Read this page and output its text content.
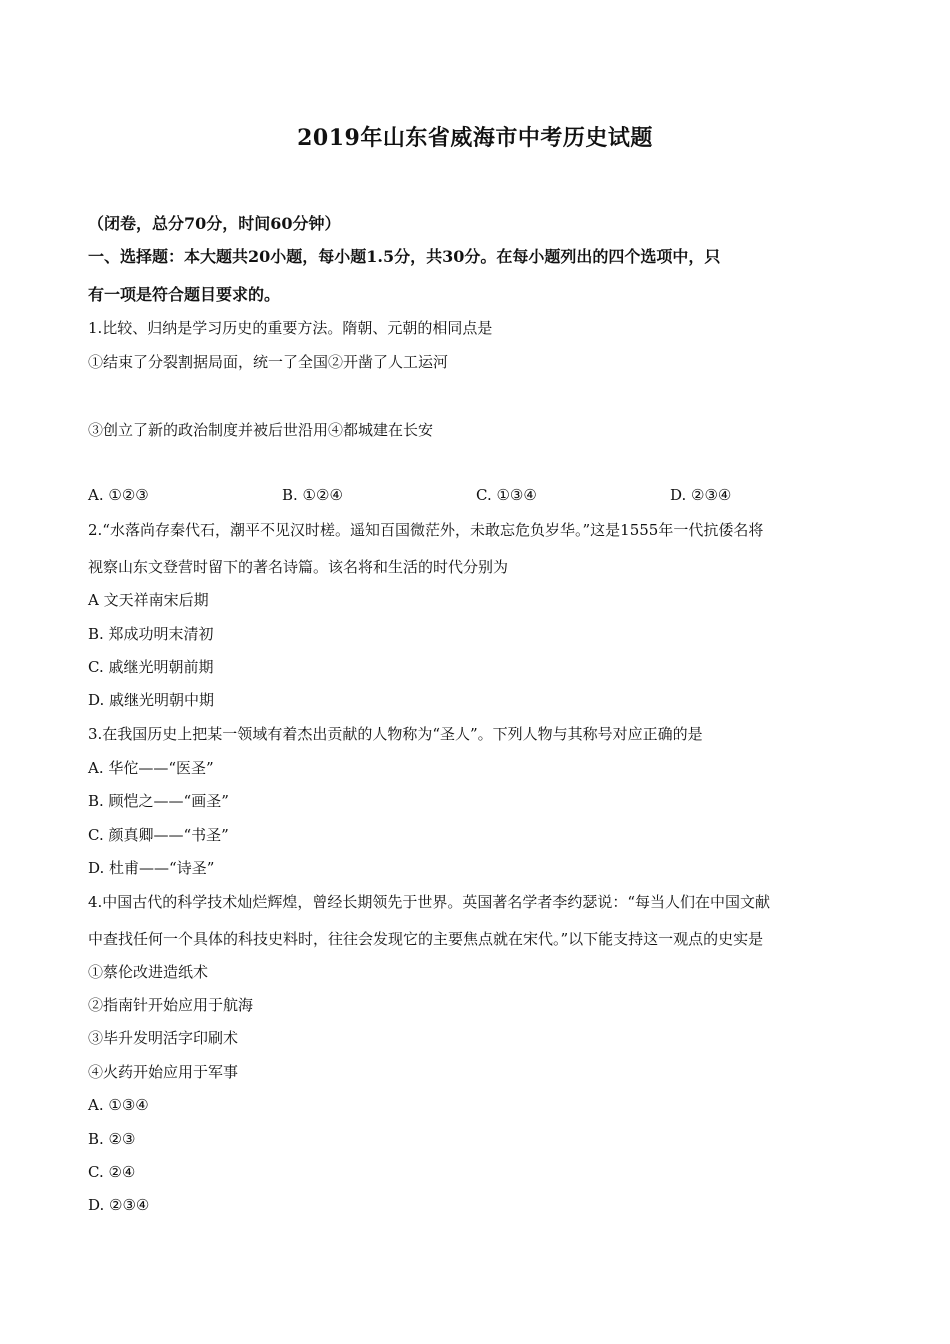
2019年山东省威海市中考历史试题
（闭卷，总分70分，时间60分钟）
一、选择题：本大题共20小题，每小题1.5分，共30分。在每小题列出的四个选项中，只
有一项是符合题目要求的。
1.比较、归纳是学习历史的重要方法。隋朝、元朝的相同点是
①结束了分裂割据局面，统一了全国②开凿了人工运河
③创立了新的政治制度并被后世沿用④都城建在长安
A. ①②③	B. ①②④	C. ①③④	D. ②③④
2.“水落尚存秦代石，潮平不见汉时槎。遥知百国微茫外，未敢忘危负岁华。”这是1555年一代抗倭名将
视察山东文登营时留下的著名诗篇。该名将和生活的时代分别为
A 文天祥南宋后期
B. 郑成功明末清初
C. 戚继光明朝前期
D. 戚继光明朝中期
3.在我国历史上把某一领域有着杰出贡献的人物称为“圣人”。下列人物与其称号对应正确的是
A. 华佗——“医圣”
B. 顾恺之——“画圣”
C. 颜真卿——“书圣”
D. 杜甫——“诗圣”
4.中国古代的科学技术灿烂辉煌，曾经长期领先于世界。英国著名学者李约瑟说：“每当人们在中国文献
中查找任何一个具体的科技史料时，往往会发现它的主要焦点就在宋代。”以下能支持这一观点的史实是
①蔡伦改进造纸术
②指南针开始应用于航海
③毕升发明活字印刷术
④火药开始应用于军事
A. ①③④
B. ②③
C. ②④
D. ②③④
